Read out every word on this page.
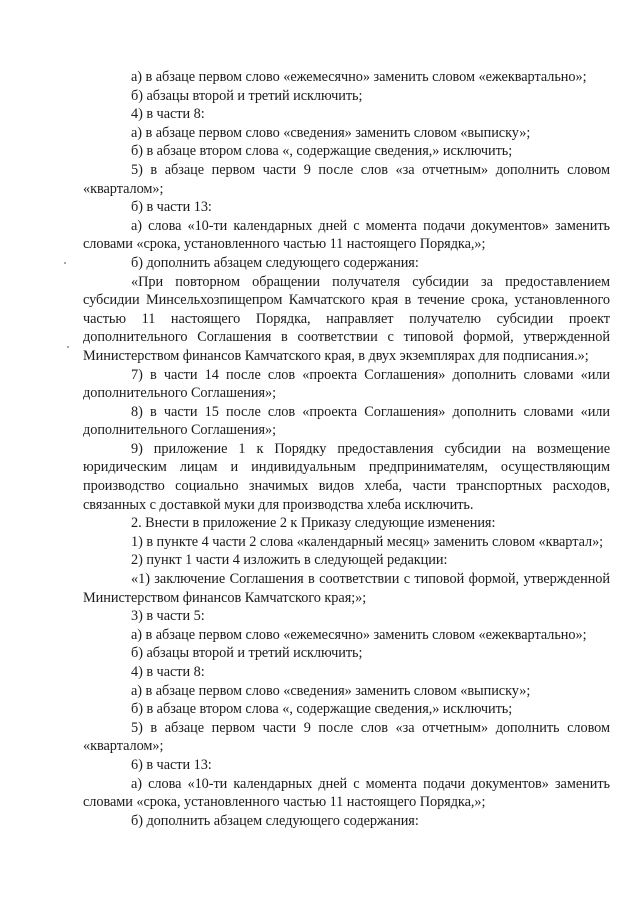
а) в абзаце первом слово «ежемесячно» заменить словом «ежеквартально»;

б) абзацы второй и третий исключить;

4) в части 8:

а) в абзаце первом слово «сведения» заменить словом «выписку»;

б) в абзаце втором слова «, содержащие сведения,» исключить;

5) в абзаце первом части 9 после слов «за отчетным» дополнить словом «кварталом»;

б) в части 13:

а) слова «10-ти календарных дней с момента подачи документов» заменить словами «срока, установленного частью 11 настоящего Порядка,»;

б) дополнить абзацем следующего содержания:

«При повторном обращении получателя субсидии за предоставлением субсидии Минсельхозпищепром Камчатского края в течение срока, установленного частью 11 настоящего Порядка, направляет получателю субсидии проект дополнительного Соглашения в соответствии с типовой формой, утвержденной Министерством финансов Камчатского края, в двух экземплярах для подписания.»;

7) в части 14 после слов «проекта Соглашения» дополнить словами «или дополнительного Соглашения»;

8) в части 15 после слов «проекта Соглашения» дополнить словами «или дополнительного Соглашения»;

9) приложение 1 к Порядку предоставления субсидии на возмещение юридическим лицам и индивидуальным предпринимателям, осуществляющим производство социально значимых видов хлеба, части транспортных расходов, связанных с доставкой муки для производства хлеба исключить.

2. Внести в приложение 2 к Приказу следующие изменения:

1) в пункте 4 части 2 слова «календарный месяц» заменить словом «квартал»;

2) пункт 1 части 4 изложить в следующей редакции:

«1) заключение Соглашения в соответствии с типовой формой, утвержденной Министерством финансов Камчатского края;»;

3) в части 5:

а) в абзаце первом слово «ежемесячно» заменить словом «ежеквартально»;

б) абзацы второй и третий исключить;

4) в части 8:

а) в абзаце первом слово «сведения» заменить словом «выписку»;

б) в абзаце втором слова «, содержащие сведения,» исключить;

5) в абзаце первом части 9 после слов «за отчетным» дополнить словом «кварталом»;

6) в части 13:

а) слова «10-ти календарных дней с момента подачи документов» заменить словами «срока, установленного частью 11 настоящего Порядка,»;

б) дополнить абзацем следующего содержания:
